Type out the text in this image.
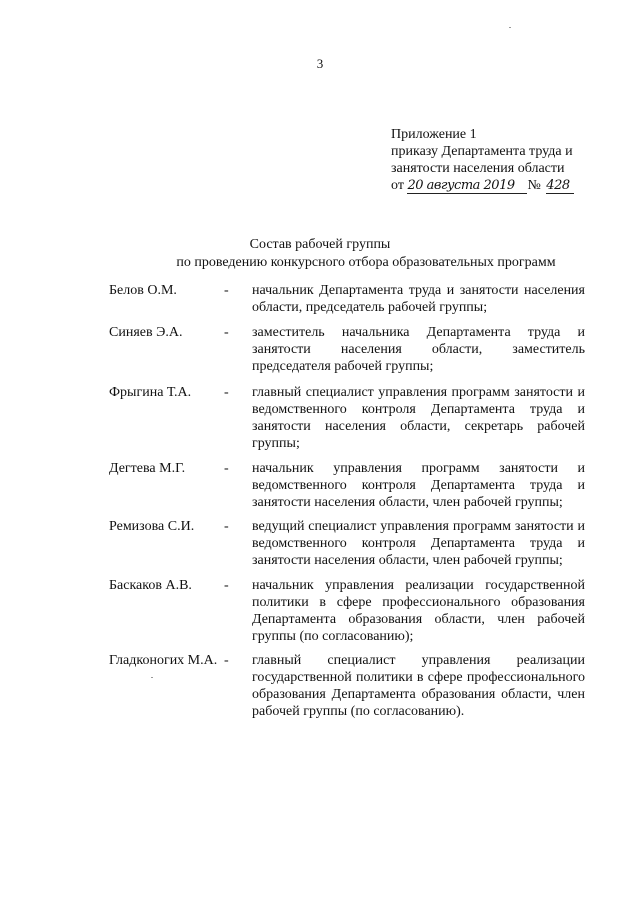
3
Приложение 1
приказу Департамента труда и
занятости населения области
от 20 августа 2019 № 428
Состав рабочей группы
по проведению конкурсного отбора образовательных программ
Белов О.М.	-	начальник Департамента труда и занятости населения области, председатель рабочей группы;
Синяев Э.А.	-	заместитель начальника Департамента труда и занятости населения области, заместитель председателя рабочей группы;
Фрыгина Т.А.	-	главный специалист управления программ занятости и ведомственного контроля Департамента труда и занятости населения области, секретарь рабочей группы;
Дегтева М.Г.	-	начальник управления программ занятости и ведомственного контроля Департамента труда и занятости населения области, член рабочей группы;
Ремизова С.И.	-	ведущий специалист управления программ занятости и ведомственного контроля Департамента труда и занятости населения области, член рабочей группы;
Баскаков А.В.	-	начальник управления реализации государственной политики в сфере профессионального образования Департамента образования области, член рабочей группы (по согласованию);
Гладконогих М.А. -	главный специалист управления реализации государственной политики в сфере профессионального образования Департамента образования области, член рабочей группы (по согласованию).
